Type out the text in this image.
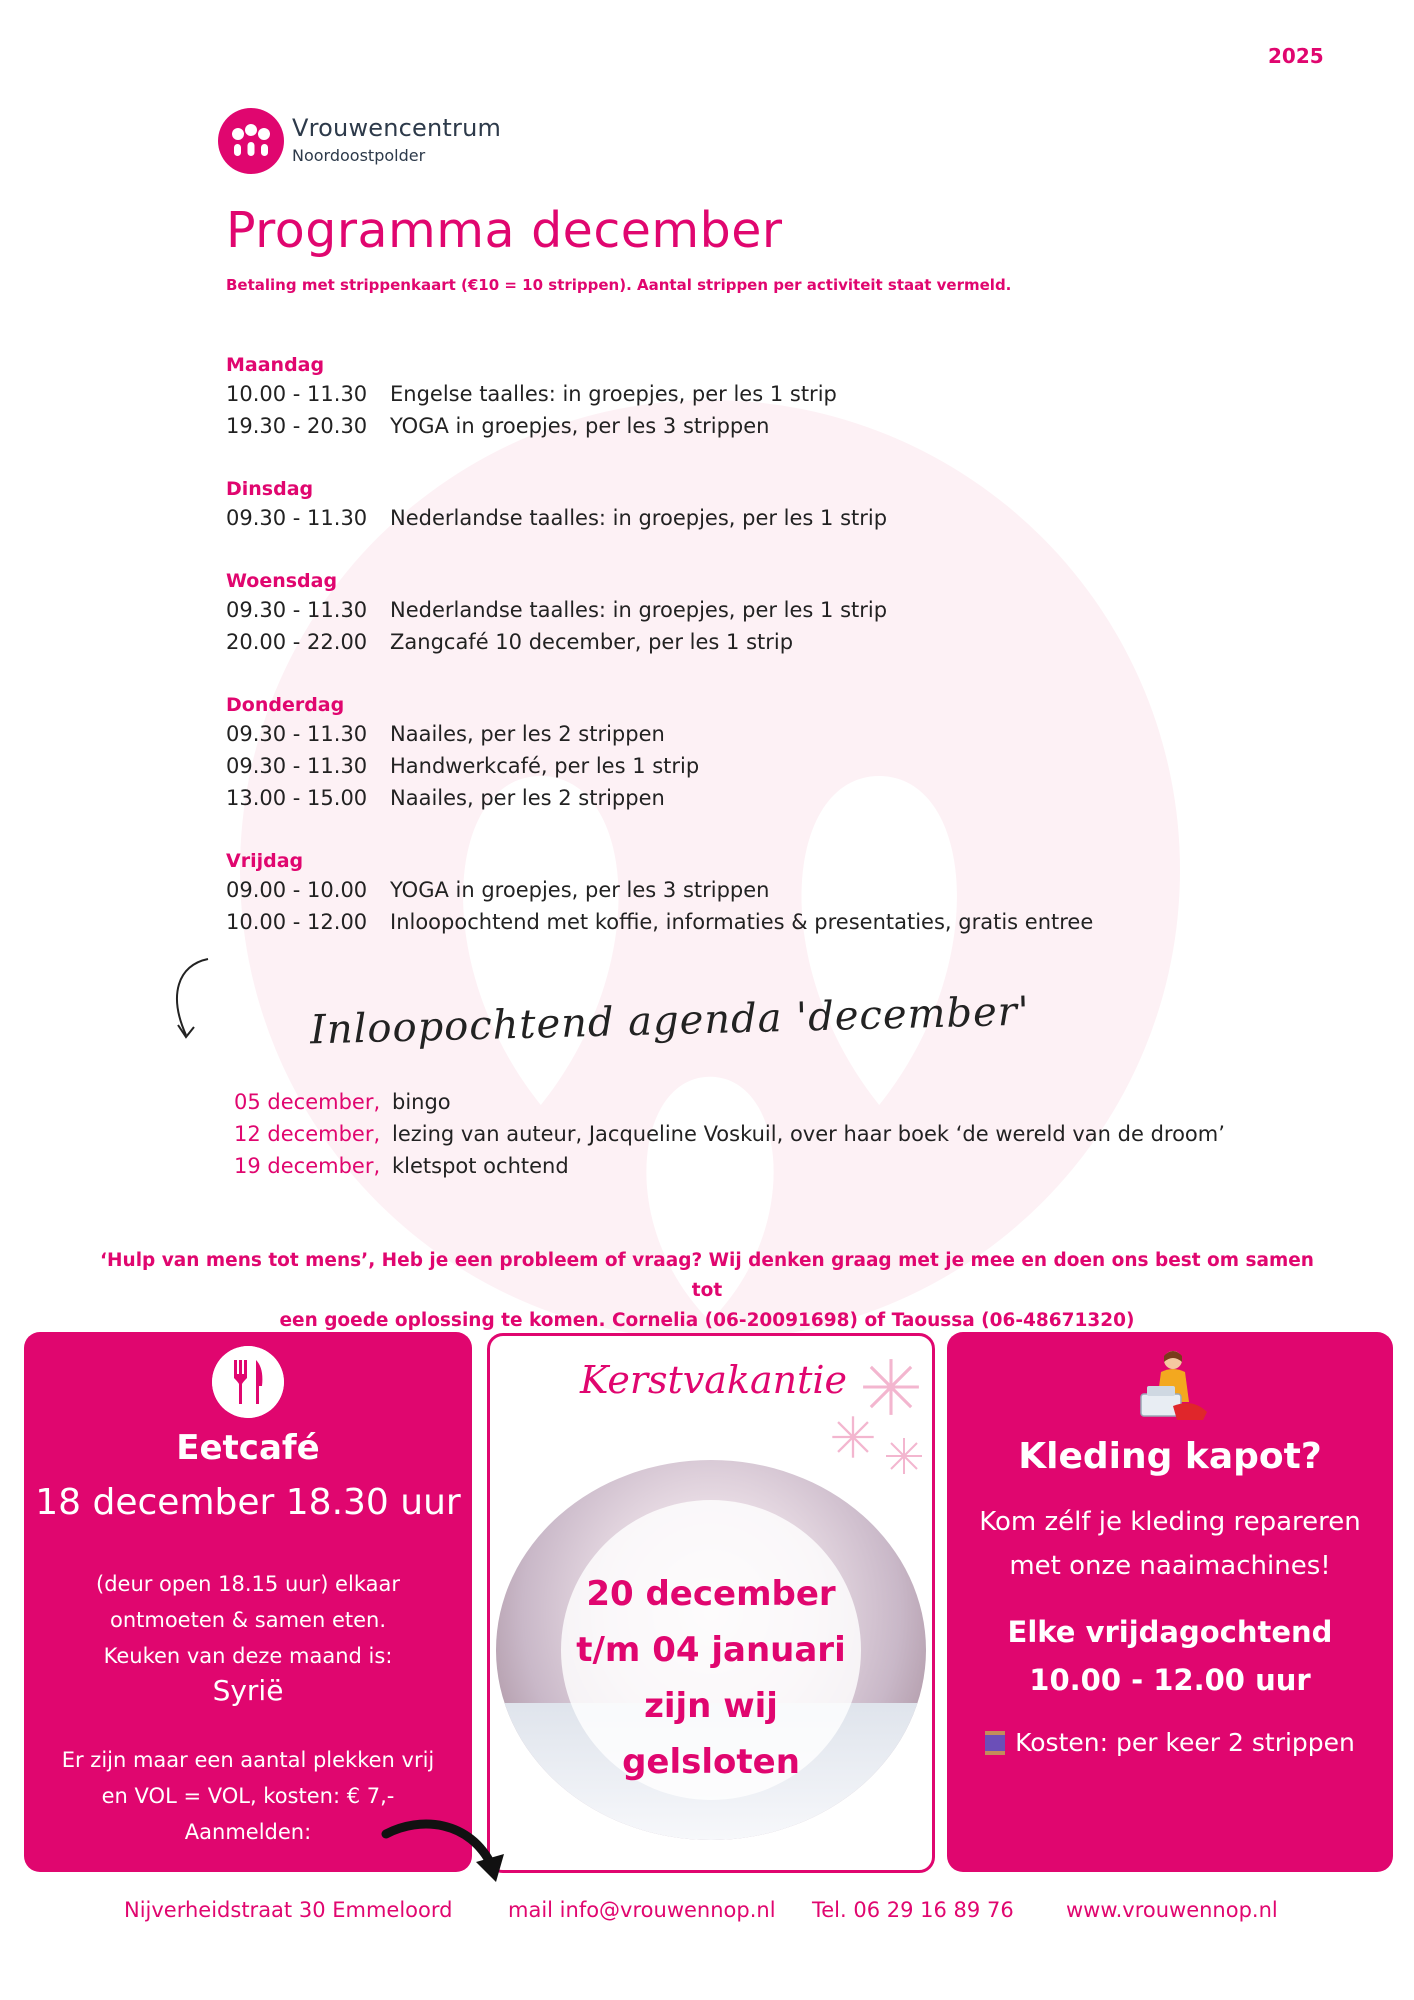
2025
Vrouwencentrum
Noordoostpolder
Programma december
Betaling met strippenkaart (€10 = 10 strippen). Aantal strippen per activiteit staat vermeld.
Maandag
10.00 - 11.30 Engelse taalles: in groepjes, per les 1 strip
19.30 - 20.30 YOGA in groepjes, per les 3 strippen
Dinsdag
09.30 - 11.30 Nederlandse taalles: in groepjes, per les 1 strip
Woensdag
09.30 - 11.30 Nederlandse taalles: in groepjes, per les 1 strip
20.00 - 22.00 Zangcafé 10 december, per les 1 strip
Donderdag
09.30 - 11.30 Naailes, per les 2 strippen
09.30 - 11.30 Handwerkcafé, per les 1 strip
13.00 - 15.00 Naailes, per les 2 strippen
Vrijdag
09.00 - 10.00 YOGA in groepjes, per les 3 strippen
10.00 - 12.00 Inloopochtend met koffie, informaties & presentaties, gratis entree
Inloopochtend agenda 'december'
05 december, bingo
12 december, lezing van auteur, Jacqueline Voskuil, over haar boek ‘de wereld van de droom’
19 december, kletspot ochtend
‘Hulp van mens tot mens’, Heb je een probleem of vraag? Wij denken graag met je mee en doen ons best om samen tot
een goede oplossing te komen. Cornelia (06-20091698) of Taoussa (06-48671320)
Eetcafé
18 december 18.30 uur
(deur open 18.15 uur) elkaar
ontmoeten & samen eten.
Keuken van deze maand is:
Syrië
Er zijn maar een aantal plekken vrij
en VOL = VOL, kosten: € 7,-
Aanmelden:
Kerstvakantie
20 december
t/m 04 januari
zijn wij
gelsloten
Kleding kapot?
Kom zélf je kleding repareren
met onze naaimachines!
Elke vrijdagochtend
10.00 - 12.00 uur
Kosten: per keer 2 strippen
Nijverheidstraat 30 Emmeloord	mail info@vrouwennop.nl Tel. 06 29 16 89 76 www.vrouwennop.nl
